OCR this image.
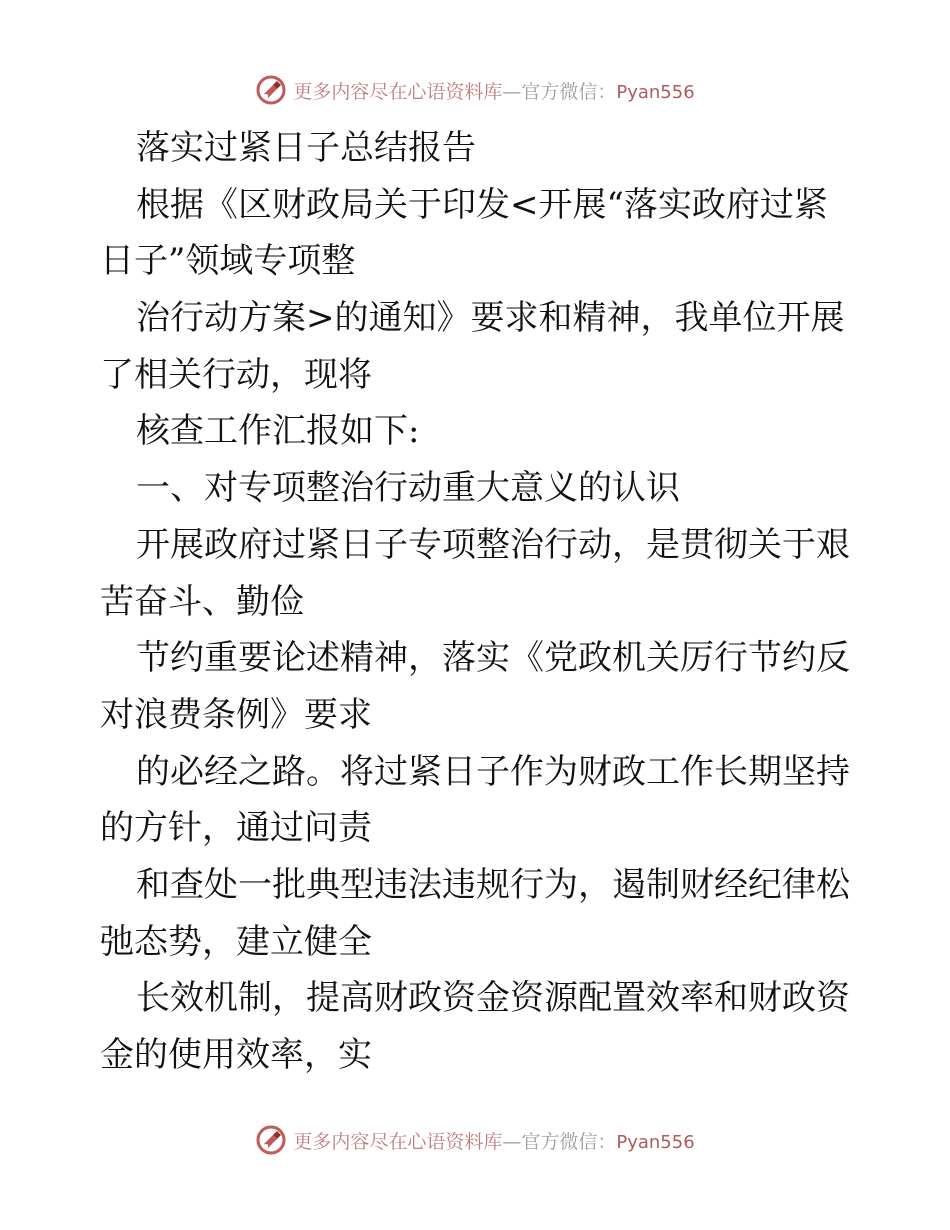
更多内容尽在心语资料库—官方微信：Pyan556
落实过紧日子总结报告
根据《区财政局关于印发<开展“落实政府过紧
日子”领域专项整
治行动方案>的通知》要求和精神，我单位开展
了相关行动，现将
核查工作汇报如下:
一、对专项整治行动重大意义的认识
开展政府过紧日子专项整治行动，是贯彻关于艰
苦奋斗、勤俭
节约重要论述精神，落实《党政机关厉行节约反
对浪费条例》要求
的必经之路。将过紧日子作为财政工作长期坚持
的方针，通过问责
和查处一批典型违法违规行为，遏制财经纪律松
弛态势，建立健全
长效机制，提高财政资金资源配置效率和财政资
金的使用效率，实
更多内容尽在心语资料库—官方微信：Pyan556
